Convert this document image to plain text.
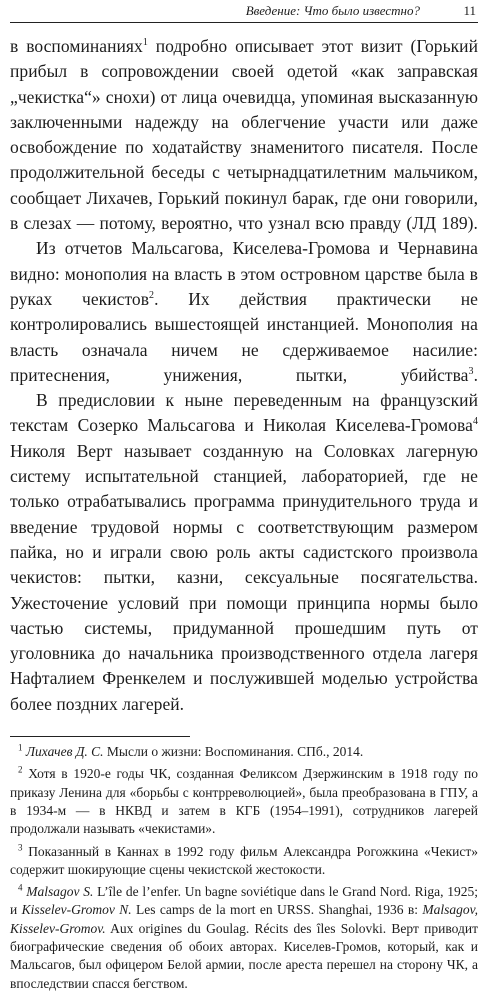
Введение: Что было известно?	11

в воспоминаниях$^1$ подробно описывает этот визит (Горький прибыл в сопровождении своей одетой «как заправская „чекистка“» снохи) от лица очевидца, упоминая высказанную заключенными надежду на облегчение участи или даже освобождение по ходатайству знаменитого писателя. После продолжительной беседы с четырнадцатилетним мальчиком, сообщает Лихачев, Горький покинул барак, где они говорили, в слезах — потому, вероятно, что узнал всю правду (ЛД 189).

Из отчетов Мальсагова, Киселева-Громова и Чернавина видно: монополия на власть в этом островном царстве была в руках чекистов$^2$. Их действия практически не контролировались вышестоящей инстанцией. Монополия на власть означала ничем не сдерживаемое насилие: притеснения, унижения, пытки, убийства$^3$.

В предисловии к ныне переведенным на французский текстам Созерко Мальсагова и Николая Киселева-Громова$^4$ Николя Верт называет созданную на Соловках лагерную систему испытательной станцией, лабораторией, где не только отрабатывались программа принудительного труда и введение трудовой нормы с соответствующим размером пайка, но и играли свою роль акты садистского произвола чекистов: пытки, казни, сексуальные посягательства. Ужесточение условий при помощи принципа нормы было частью системы, придуманной прошедшим путь от уголовника до начальника производственного отдела лагеря Нафталием Френкелем и послужившей моделью устройства более поздних лагерей.

$^1$ Лихачев Д. С. Мысли о жизни: Воспоминания. СПб., 2014.

$^2$ Хотя в 1920-е годы ЧК, созданная Феликсом Дзержинским в 1918 году по приказу Ленина для «борьбы с контрреволюцией», была преобразована в ГПУ, а в 1934-м — в НКВД и затем в КГБ (1954–1991), сотрудников лагерей продолжали называть «чекистами».

$^3$ Показанный в Каннах в 1992 году фильм Александра Рогожкина «Чекист» содержит шокирующие сцены чекистской жестокости.

$^4$ Malsagov S. L’île de l’enfer. Un bagne soviétique dans le Grand Nord. Riga, 1925; и Kisselev-Gromov N. Les camps de la mort en URSS. Shanghai, 1936 в: Malsagov, Kisselev-Gromov. Aux origines du Goulag. Récits des îles Solovki. Верт приводит биографические сведения об обоих авторах. Киселев-Громов, который, как и Мальсагов, был офицером Белой армии, после ареста перешел на сторону ЧК, а впоследствии спасся бегством.
